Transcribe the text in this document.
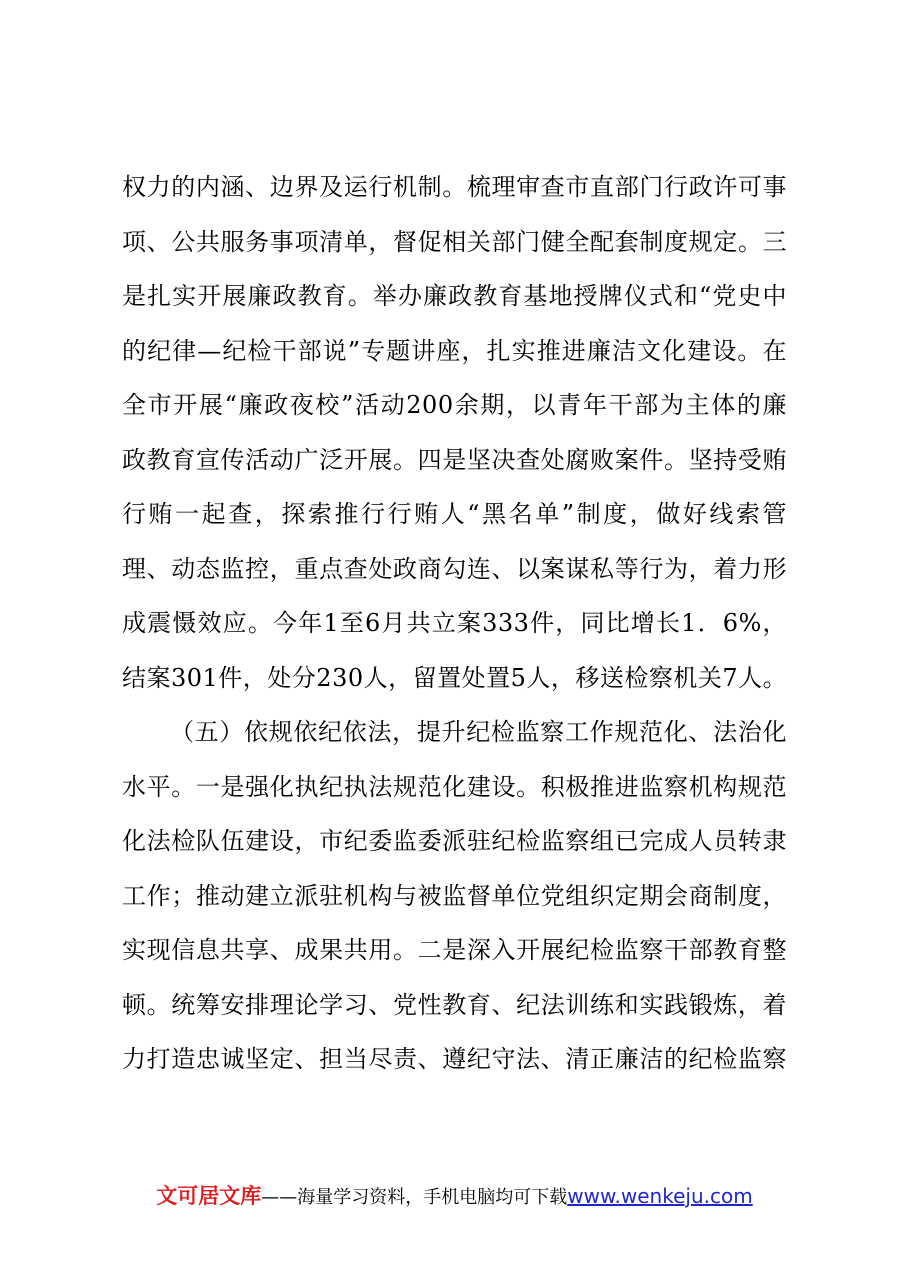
权力的内涵、边界及运行机制。梳理审查市直部门行政许可事
项、公共服务事项清单，督促相关部门健全配套制度规定。三
是扎实开展廉政教育。举办廉政教育基地授牌仪式和“党史中
的纪律—纪检干部说”专题讲座，扎实推进廉洁文化建设。在
全市开展“廉政夜校”活动200余期，以青年干部为主体的廉
政教育宣传活动广泛开展。四是坚决查处腐败案件。坚持受贿
行贿一起查，探索推行行贿人“黑名单”制度，做好线索管
理、动态监控，重点查处政商勾连、以案谋私等行为，着力形
成震慑效应。今年1至6月共立案333件，同比增长1．6%，
结案301件，处分230人，留置处置5人，移送检察机关7人。
（五）依规依纪依法，提升纪检监察工作规范化、法治化
水平。一是强化执纪执法规范化建设。积极推进监察机构规范
化法检队伍建设，市纪委监委派驻纪检监察组已完成人员转隶
工作；推动建立派驻机构与被监督单位党组织定期会商制度，
实现信息共享、成果共用。二是深入开展纪检监察干部教育整
顿。统筹安排理论学习、党性教育、纪法训练和实践锻炼，着
力打造忠诚坚定、担当尽责、遵纪守法、清正廉洁的纪检监察
文可居文库——海量学习资料，手机电脑均可下载www.wenkeju.com
